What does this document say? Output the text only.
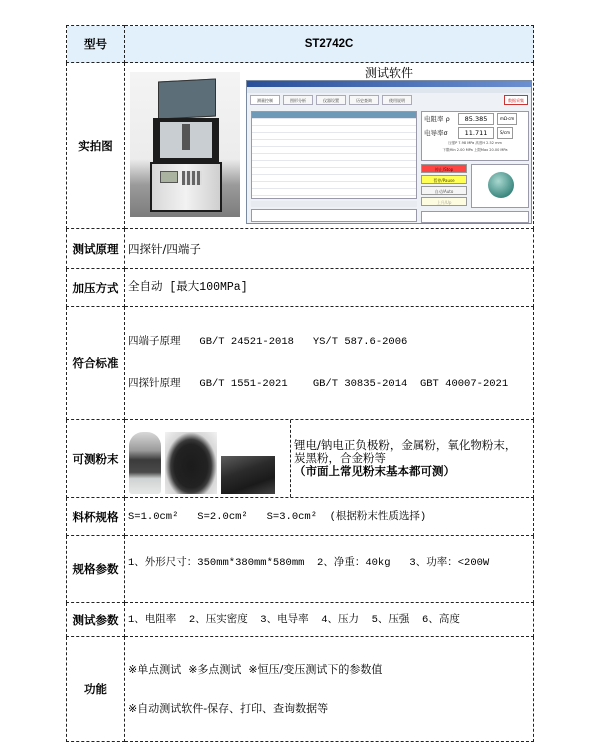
型号	ST2742C
实拍图	
测试软件
测量控制	图形分析	仪器设置	历史查询	使用说明	数据采集
电阻率 ρ	85.385	mΩ·cm
电导率σ	11.711	S/cm
压强P 7.98 MPa 高度H 2.52 mm
下限Min 2.00 MPa 上限Max 20.00 MPa
停止/Stop
暂停/Pause
自动/Auto
上升/Up

测试原理	四探针/四端子
加压方式	全自动 [最大100MPa]
符合标准	四端子原理   GB/T 24521-2018   YS/T 587.6-2006

四探针原理   GB/T 1551-2021    GB/T 30835-2014  GBT 40007-2021

可测粉末	锂电/钠电正负极粉，金属粉，氧化物粉末，
炭黑粉，合金粉等
（市面上常见粉末基本都可测）

料杯规格	S=1.0cm²   S=2.0cm²   S=3.0cm²  (根据粉末性质选择)
规格参数	1、外形尺寸：350mm*380mm*580mm  2、净重：40kg   3、功率：<200W
测试参数	1、电阻率  2、压实密度  3、电导率  4、压力  5、压强  6、高度
功能	※单点测试  ※多点测试  ※恒压/变压测试下的参数值

※自动测试软件-保存、打印、查询数据等
